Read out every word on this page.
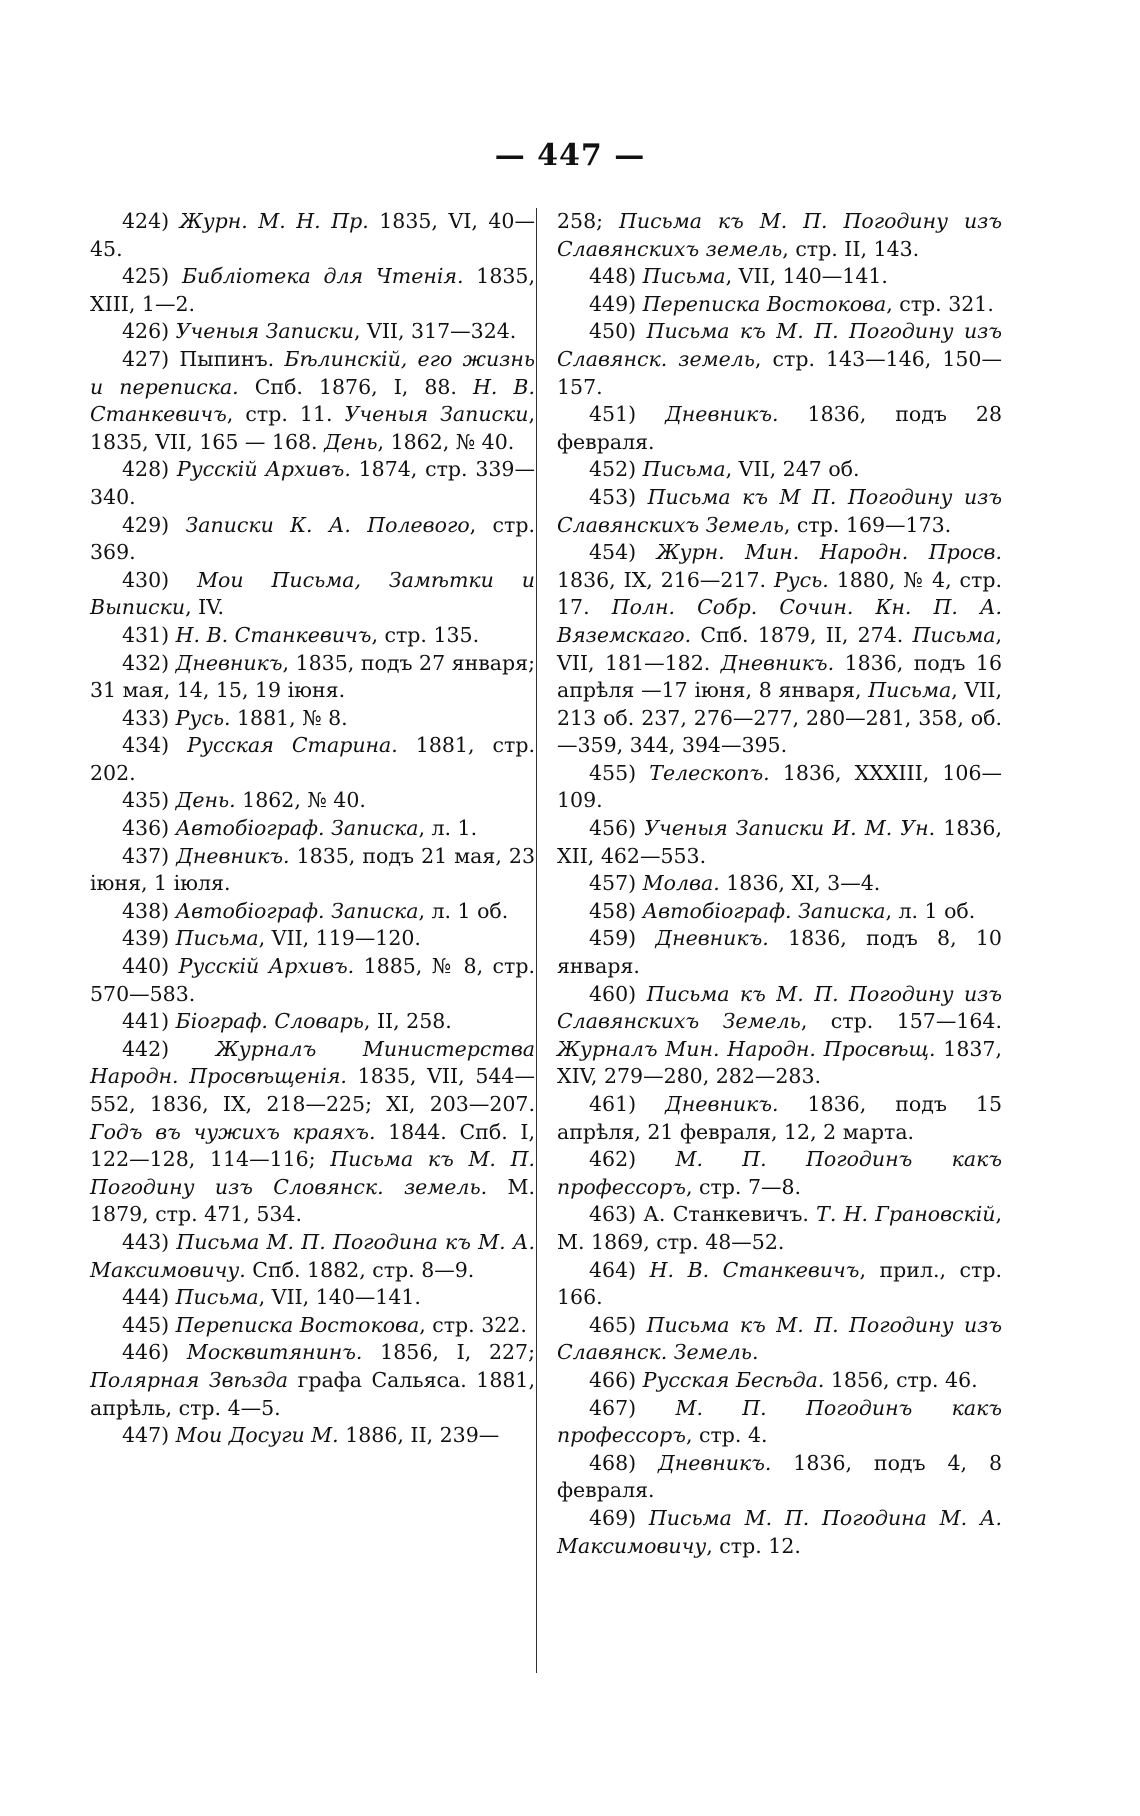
— 447 —

424) Журн. М. Н. Пр. 1835, VI, 40—45.

425) Библіотека для Чтенія. 1835, XIII, 1—2.

426) Ученыя Записки, VII, 317—324.

427) Пыпинъ. Бѣлинскій, его жизнь и переписка. Спб. 1876, I, 88. Н. В. Станкевичъ, стр. 11. Ученыя Записки, 1835, VII, 165 — 168. День, 1862, № 40.

428) Русскій Архивъ. 1874, стр. 339—340.

429) Записки К. А. Полевого, стр. 369.

430) Мои Письма, Замѣтки и Выписки, IV.

431) Н. В. Станкевичъ, стр. 135.

432) Дневникъ, 1835, подъ 27 января; 31 мая, 14, 15, 19 іюня.

433) Русь. 1881, № 8.

434) Русская Старина. 1881, стр. 202.

435) День. 1862, № 40.

436) Автобіограф. Записка, л. 1.

437) Дневникъ. 1835, подъ 21 мая, 23 іюня, 1 іюля.

438) Автобіограф. Записка, л. 1 об.

439) Письма, VII, 119—120.

440) Русскій Архивъ. 1885, № 8, стр. 570—583.

441) Біограф. Словарь, II, 258.

442) Журналъ Министерства Народн. Просвѣщенія. 1835, VII, 544—552, 1836, IX, 218—225; XI, 203—207. Годъ въ чужихъ краяхъ. 1844. Спб. I, 122—128, 114—116; Письма къ М. П. Погодину изъ Словянск. земель. М. 1879, стр. 471, 534.

443) Письма М. П. Погодина къ М. А. Максимовичу. Спб. 1882, стр. 8—9.

444) Письма, VII, 140—141.

445) Переписка Востокова, стр. 322.

446) Москвитянинъ. 1856, I, 227; Полярная Звѣзда графа Сальяса. 1881, апрѣль, стр. 4—5.

447) Мои Досуги М. 1886, II, 239—

258; Письма къ М. П. Погодину изъ Славянскихъ земель, стр. II, 143.

448) Письма, VII, 140—141.

449) Переписка Востокова, стр. 321.

450) Письма къ М. П. Погодину изъ Славянск. земель, стр. 143—146, 150—157.

451) Дневникъ. 1836, подъ 28 февраля.

452) Письма, VII, 247 об.

453) Письма къ М П. Погодину изъ Славянскихъ Земель, стр. 169—173.

454) Журн. Мин. Народн. Просв. 1836, IX, 216—217. Русь. 1880, № 4, стр. 17. Полн. Собр. Сочин. Кн. П. А. Вяземскаго. Спб. 1879, II, 274. Письма, VII, 181—182. Дневникъ. 1836, подъ 16 апрѣля —17 іюня, 8 января, Письма, VII, 213 об. 237, 276—277, 280—281, 358, об. —359, 344, 394—395.

455) Телескопъ. 1836, XXXIII, 106—109.

456) Ученыя Записки И. М. Ун. 1836, XII, 462—553.

457) Молва. 1836, XI, 3—4.

458) Автобіограф. Записка, л. 1 об.

459) Дневникъ. 1836, подъ 8, 10 января.

460) Письма къ М. П. Погодину изъ Славянскихъ Земель, стр. 157—164. Журналъ Мин. Народн. Просвѣщ. 1837, XIV, 279—280, 282—283.

461) Дневникъ. 1836, подъ 15 апрѣля, 21 февраля, 12, 2 марта.

462) М. П. Погодинъ какъ профессоръ, стр. 7—8.

463) А. Станкевичъ. Т. Н. Грановскій, М. 1869, стр. 48—52.

464) Н. В. Станкевичъ, прил., стр. 166.

465) Письма къ М. П. Погодину изъ Славянск. Земель.

466) Русская Бесѣда. 1856, стр. 46.

467) М. П. Погодинъ какъ профессоръ, стр. 4.

468) Дневникъ. 1836, подъ 4, 8 февраля.

469) Письма М. П. Погодина М. А. Максимовичу, стр. 12.
